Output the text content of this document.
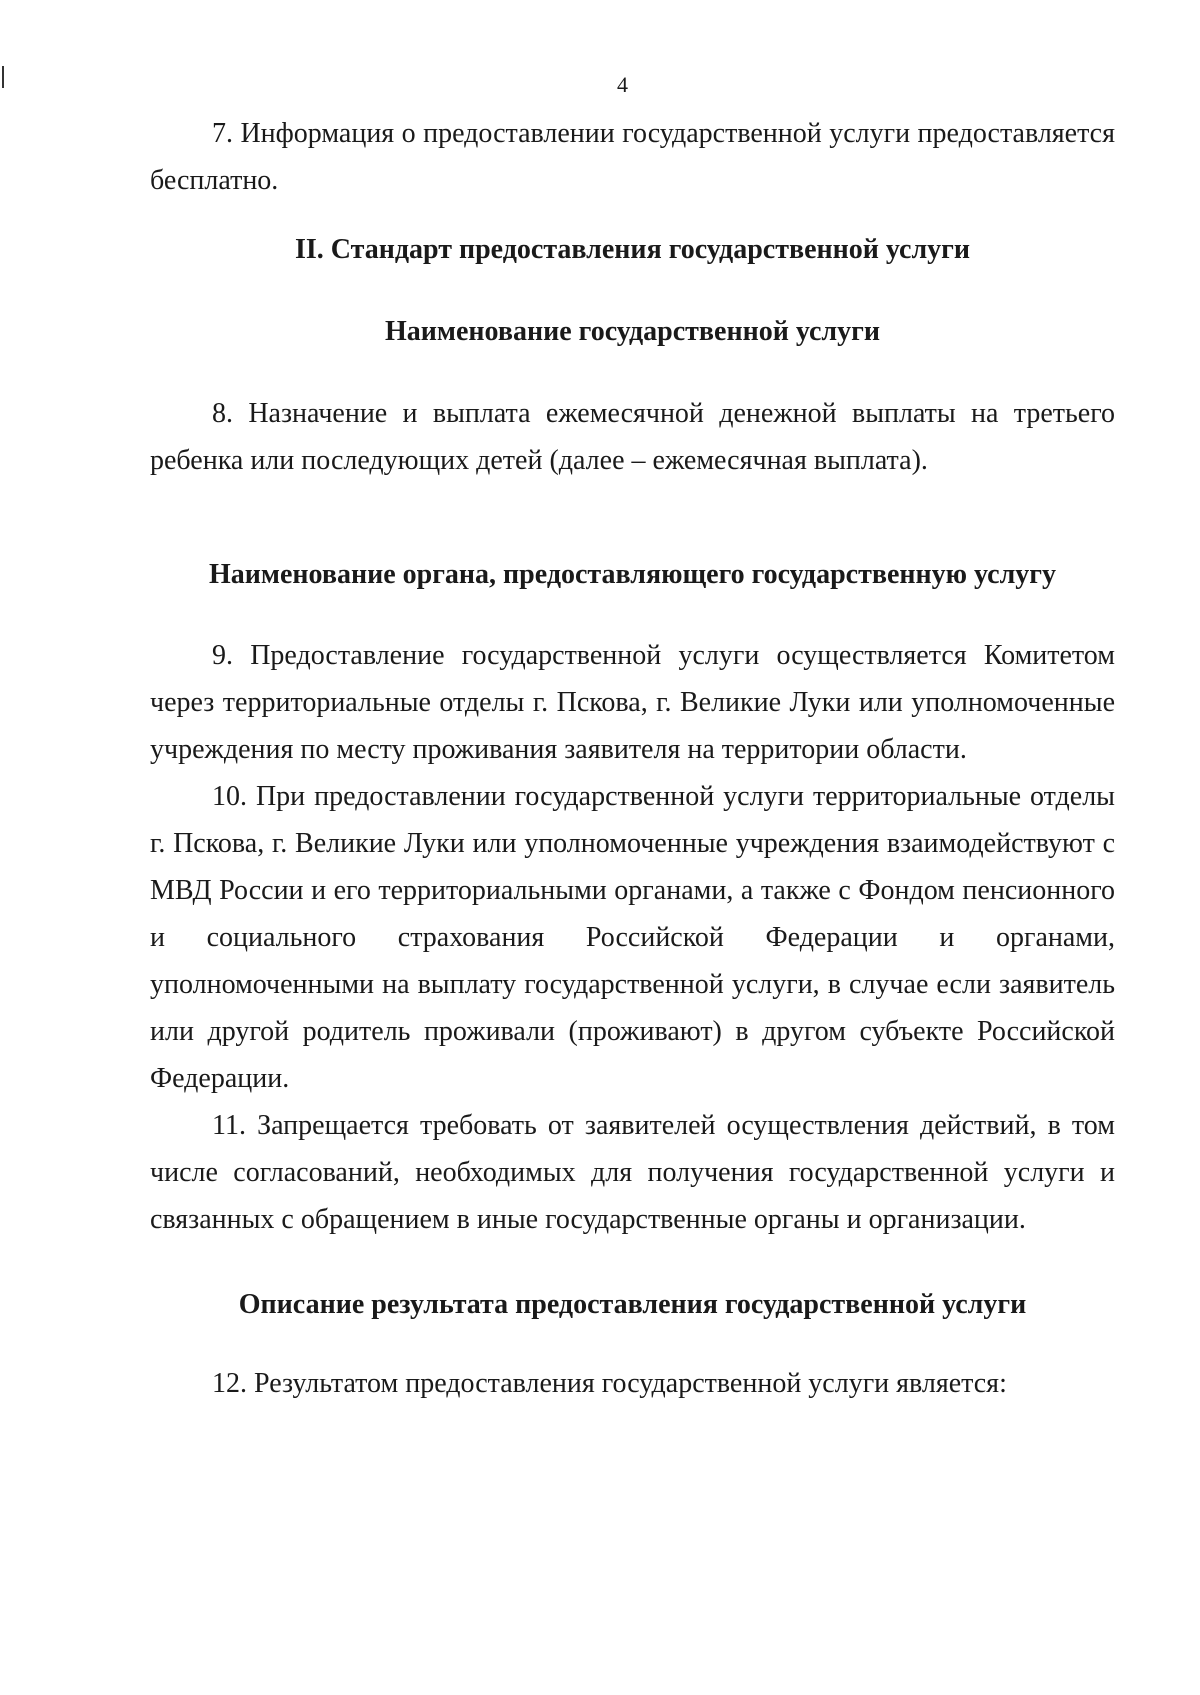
4

7. Информация о предоставлении государственной услуги предоставляется бесплатно.

II. Стандарт предоставления государственной услуги
Наименование государственной услуги

8. Назначение и выплата ежемесячной денежной выплаты на третьего ребенка или последующих детей (далее – ежемесячная выплата).

Наименование органа, предоставляющего государственную услугу

9. Предоставление государственной услуги осуществляется Комитетом через территориальные отделы г. Пскова, г. Великие Луки или уполномоченные учреждения по месту проживания заявителя на территории области.

10. При предоставлении государственной услуги территориальные отделы г. Пскова, г. Великие Луки или уполномоченные учреждения взаимодействуют с МВД России и его территориальными органами, а также с Фондом пенсионного и социального страхования Российской Федерации и органами, уполномоченными на выплату государственной услуги, в случае если заявитель или другой родитель проживали (проживают) в другом субъекте Российской Федерации.

11. Запрещается требовать от заявителей осуществления действий, в том числе согласований, необходимых для получения государственной услуги и связанных с обращением в иные государственные органы и организации.

Описание результата предоставления государственной услуги

12. Результатом предоставления государственной услуги является:
